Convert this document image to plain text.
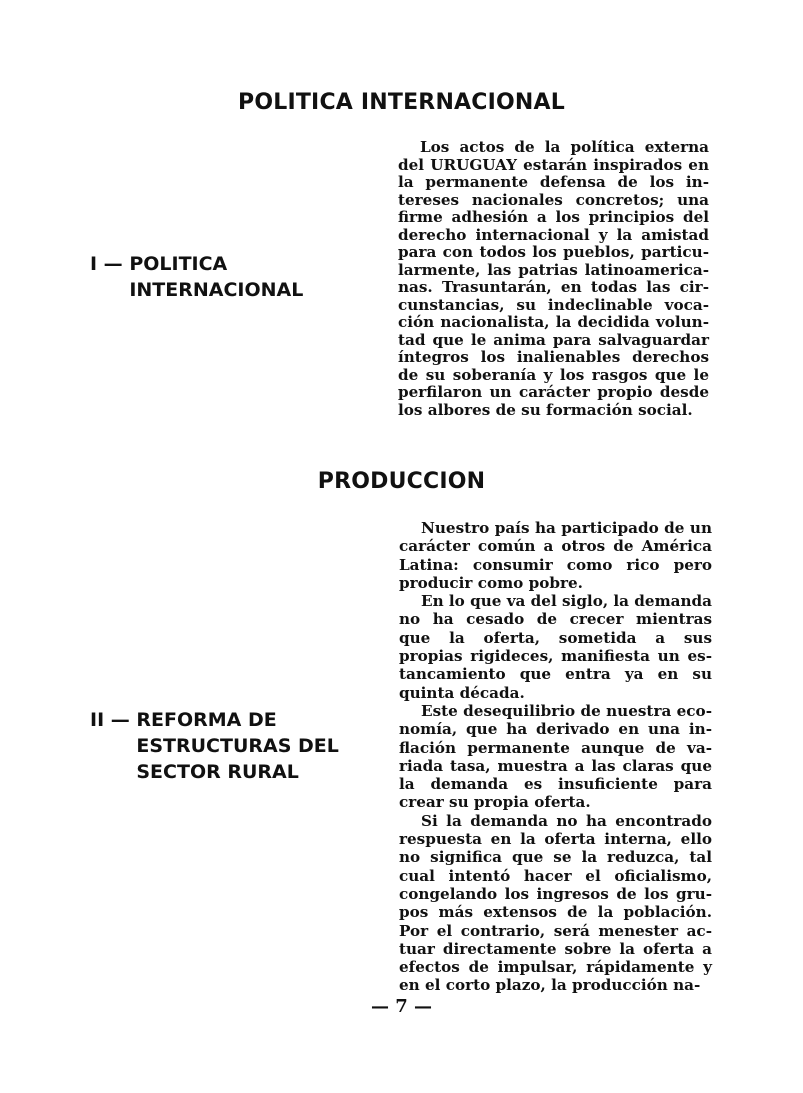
POLITICA INTERNACIONAL
I — POLITICA
INTERNACIONAL

Los actos de la política externa del URUGUAY estarán inspirados en la permanente defensa de los intereses nacionales concretos; una firme adhesión a los principios del derecho internacional y la amistad para con todos los pueblos, particularmente, las patrias latinoamericanas. Trasuntarán, en todas las circunstancias, su indeclinable vocación nacionalista, la decidida voluntad que le anima para salvaguardar íntegros los inalienables derechos de su soberanía y los rasgos que le perfilaron un carácter propio desde los albores de su formación social.

PRODUCCION
II — REFORMA DE
ESTRUCTURAS DEL
SECTOR RURAL

Nuestro país ha participado de un carácter común a otros de América Latina: consumir como rico pero producir como pobre.

En lo que va del siglo, la demanda no ha cesado de crecer mientras que la oferta, sometida a sus propias rigideces, manifiesta un estancamiento que entra ya en su quinta década.

Este desequilibrio de nuestra economía, que ha derivado en una inflación permanente aunque de variada tasa, muestra a las claras que la demanda es insuficiente para crear su propia oferta.

Si la demanda no ha encontrado respuesta en la oferta interna, ello no significa que se la reduzca, tal cual intentó hacer el oficialismo, congelando los ingresos de los grupos más extensos de la población. Por el contrario, será menester actuar directamente sobre la oferta a efectos de impulsar, rápidamente y en el corto plazo, la producción na-

— 7 —
